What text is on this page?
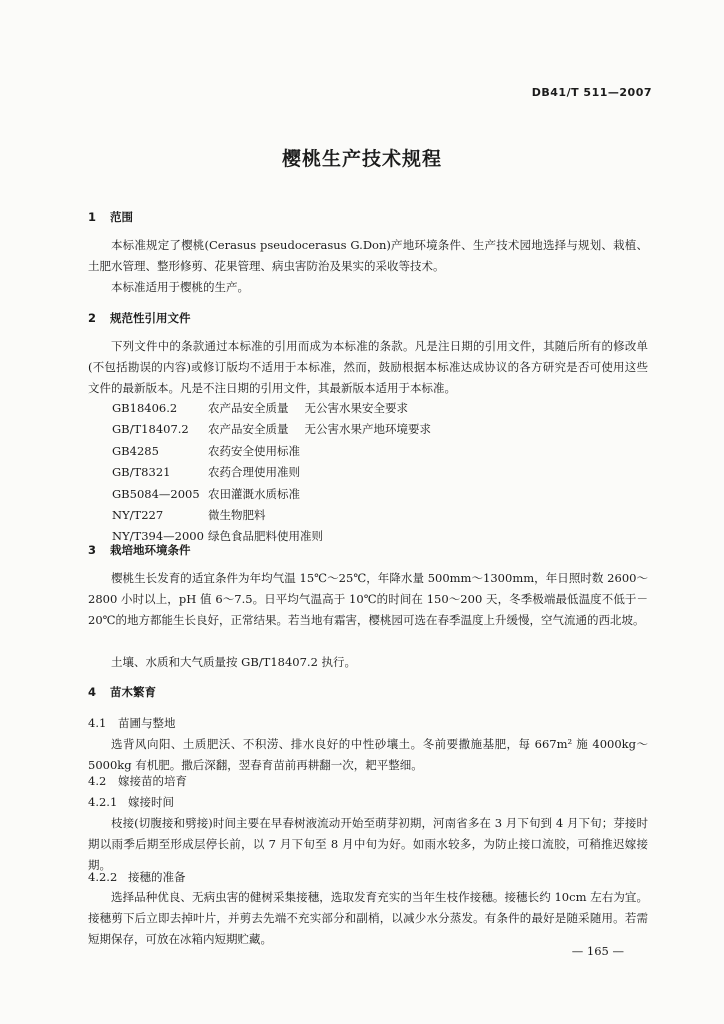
DB41/T 511—2007
樱桃生产技术规程
1 范围
本标准规定了樱桃(Cerasus pseudocerasus G.Don)产地环境条件、生产技术园地选择与规划、栽植、土肥水管理、整形修剪、花果管理、病虫害防治及果实的采收等技术。
本标准适用于樱桃的生产。
2 规范性引用文件
下列文件中的条款通过本标准的引用而成为本标准的条款。凡是注日期的引用文件，其随后所有的修改单(不包括勘误的内容)或修订版均不适用于本标准，然而，鼓励根据本标准达成协议的各方研究是否可使用这些文件的最新版本。凡是不注日期的引用文件，其最新版本适用于本标准。
GB18406.2	农产品安全质量 无公害水果安全要求
GB/T18407.2 农产品安全质量 无公害水果产地环境要求
GB4285	农药安全使用标准
GB/T8321	农药合理使用准则
GB5084—2005 农田灌溉水质标准
NY/T227	微生物肥料
NY/T394—2000 绿色食品肥料使用准则
3 栽培地环境条件
樱桃生长发育的适宜条件为年均气温 15℃～25℃，年降水量 500mm～1300mm，年日照时数 2600～2800 小时以上，pH 值 6～7.5。日平均气温高于 10℃的时间在 150～200 天，冬季极端最低温度不低于－20℃的地方都能生长良好，正常结果。若当地有霜害，樱桃园可选在春季温度上升缓慢，空气流通的西北坡。
土壤、水质和大气质量按 GB/T18407.2 执行。
4 苗木繁育
4.1 苗圃与整地
选背风向阳、土质肥沃、不积涝、排水良好的中性砂壤土。冬前要撒施基肥，每 667m² 施 4000kg～5000kg 有机肥。撒后深翻，翌春育苗前再耕翻一次，耙平整细。
4.2 嫁接苗的培育
4.2.1 嫁接时间
枝接(切腹接和劈接)时间主要在早春树液流动开始至萌芽初期，河南省多在 3 月下旬到 4 月下旬；芽接时期以雨季后期至形成层停长前，以 7 月下旬至 8 月中旬为好。如雨水较多，为防止接口流胶，可稍推迟嫁接期。
4.2.2 接穗的准备
选择品种优良、无病虫害的健树采集接穗，选取发育充实的当年生枝作接穗。接穗长约 10cm 左右为宜。接穗剪下后立即去掉叶片，并剪去先端不充实部分和副梢，以减少水分蒸发。有条件的最好是随采随用。若需短期保存，可放在冰箱内短期贮藏。
— 165 —
